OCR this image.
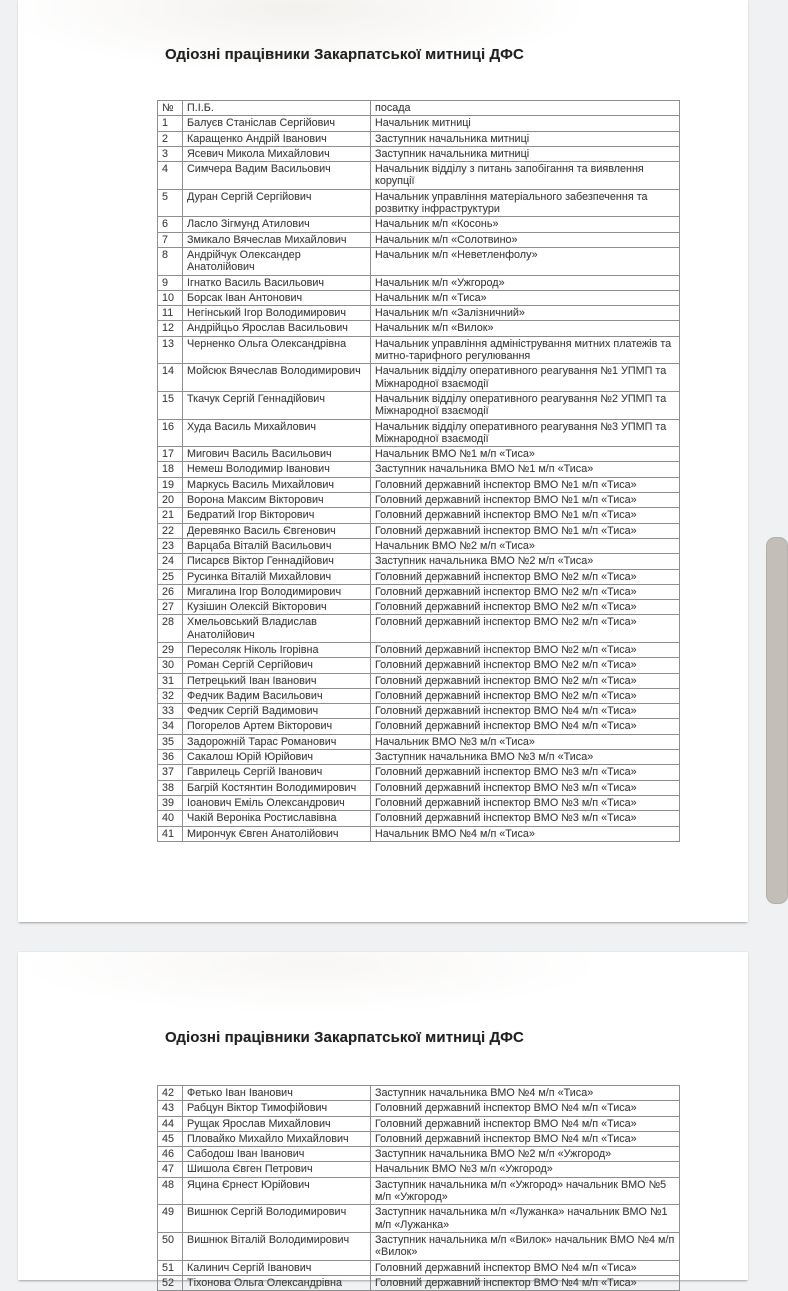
Одіозні працівники Закарпатської митниці ДФС
№	П.І.Б.	посада
1	Балуєв Станіслав Сергійович	Начальник митниці
2	Каращенко Андрій Іванович	Заступник начальника митниці
3	Ясевич Микола Михайлович	Заступник начальника митниці
4	Симчера Вадим Васильович	Начальник відділу з питань запобігання та виявлення корупції
5	Дуран Сергій Сергійович	Начальник управління матеріального забезпечення та розвитку інфраструктури
6	Ласло Зігмунд Атилович	Начальник м/п «Косонь»
7	Змикало Вячеслав Михайлович	Начальник м/п «Солотвино»
8	Андрійчук Олександер Анатолійович	Начальник м/п «Неветленфолу»
9	Ігнатко Василь Васильович	Начальник м/п «Ужгород»
10	Борсак Іван Антонович	Начальник м/п «Тиса»
11	Негінський Ігор Володимирович	Начальник м/п «Залізничний»
12	Андрійцьо Ярослав Васильович	Начальник м/п «Вилок»
13	Черненко Ольга Олександрівна	Начальник управління адміністрування митних платежів та митно-тарифного регулювання
14	Мойсюк Вячеслав Володимирович	Начальник відділу оперативного реагування №1 УПМП та Міжнародної взаємодії
15	Ткачук Сергій Геннадійович	Начальник відділу оперативного реагування №2 УПМП та Міжнародної взаємодії
16	Худа Василь Михайлович	Начальник відділу оперативного реагування №3 УПМП та Міжнародної взаємодії
17	Мигович Василь Васильович	Начальник ВМО №1 м/п «Тиса»
18	Немеш Володимир Іванович	Заступник начальника ВМО №1 м/п «Тиса»
19	Маркусь Василь Михайлович	Головний державний інспектор ВМО №1 м/п «Тиса»
20	Ворона Максим Вікторович	Головний державний інспектор ВМО №1 м/п «Тиса»
21	Бедратий Ігор Вікторович	Головний державний інспектор ВМО №1 м/п «Тиса»
22	Деревянко Василь Євгенович	Головний державний інспектор ВМО №1 м/п «Тиса»
23	Варцаба Віталій Васильович	Начальник ВМО №2 м/п «Тиса»
24	Писарєв Віктор Геннадійович	Заступник начальника ВМО №2 м/п «Тиса»
25	Русинка Віталій Михайлович	Головний державний інспектор ВМО №2 м/п «Тиса»
26	Мигалина Ігор Володимирович	Головний державний інспектор ВМО №2 м/п «Тиса»
27	Кузішин Олексій Вікторович	Головний державний інспектор ВМО №2 м/п «Тиса»
28	Хмельовський Владислав Анатолійович	Головний державний інспектор ВМО №2 м/п «Тиса»
29	Пересоляк Ніколь Ігорівна	Головний державний інспектор ВМО №2 м/п «Тиса»
30	Роман Сергій Сергійович	Головний державний інспектор ВМО №2 м/п «Тиса»
31	Петрецький Іван Іванович	Головний державний інспектор ВМО №2 м/п «Тиса»
32	Федчик Вадим Васильович	Головний державний інспектор ВМО №2 м/п «Тиса»
33	Федчик Сергій Вадимович	Головний державний інспектор ВМО №4 м/п «Тиса»
34	Погорелов Артем Вікторович	Головний державний інспектор ВМО №4 м/п «Тиса»
35	Задорожній Тарас Романович	Начальник ВМО №3 м/п «Тиса»
36	Сакалош Юрій Юрійович	Заступник начальника ВМО №3 м/п «Тиса»
37	Гаврилець Сергій Іванович	Головний державний інспектор ВМО №3 м/п «Тиса»
38	Багрій Костянтин Володимирович	Головний державний інспектор ВМО №3 м/п «Тиса»
39	Іоанович Еміль Олександрович	Головний державний інспектор ВМО №3 м/п «Тиса»
40	Чакій Вероніка Ростиславівна	Головний державний інспектор ВМО №3 м/п «Тиса»
41	Мирончук Євген Анатолійович	Начальник ВМО №4 м/п «Тиса»
Одіозні працівники Закарпатської митниці ДФС
42	Фетько Іван Іванович	Заступник начальника ВМО №4 м/п «Тиса»
43	Рабцун Віктор Тимофійович	Головний державний інспектор ВМО №4 м/п «Тиса»
44	Рущак Ярослав Михайлович	Головний державний інспектор ВМО №4 м/п «Тиса»
45	Пловайко Михайло Михайлович	Головний державний інспектор ВМО №4 м/п «Тиса»
46	Сабодош Іван Іванович	Заступник начальника ВМО №2 м/п «Ужгород»
47	Шишола Євген Петрович	Начальник ВМО №3 м/п «Ужгород»
48	Яцина Єрнест Юрійович	Заступник начальника м/п «Ужгород» начальник ВМО №5 м/п «Ужгород»
49	Вишнюк Сергій Володимирович	Заступник начальника м/п «Лужанка» начальник ВМО №1 м/п «Лужанка»
50	Вишнюк Віталій Володимирович	Заступник начальника м/п «Вилок» начальник ВМО №4 м/п «Вилок»
51	Калинич Сергій Іванович	Головний державний інспектор ВМО №4 м/п «Тиса»
52	Тіхонова Ольга Олександрівна	Головний державний інспектор ВМО №4 м/п «Тиса»
